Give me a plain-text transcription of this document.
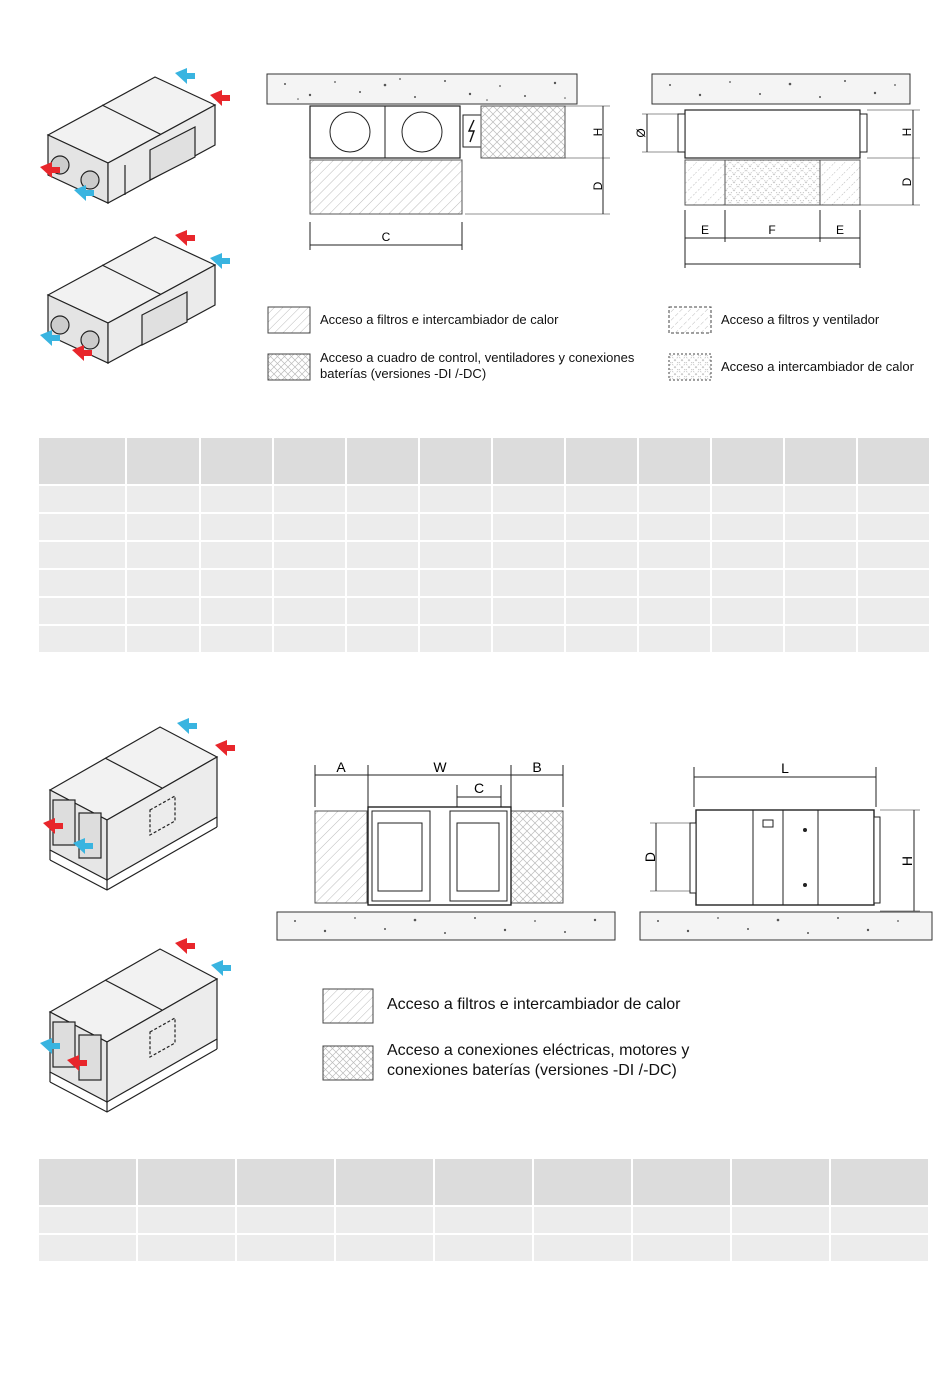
C
H
D
Ø	H
D
E	F	E
Acceso a filtros e intercambiador de calor	Acceso a filtros y ventilador
Acceso a cuadro de control, ventiladores y conexiones baterías (versiones -DI /-DC)	Acceso a intercambiador de calor

A	W	B
C
L
D	H
Acceso a filtros e intercambiador de calor
Acceso a conexiones eléctricas, motores y conexiones baterías (versiones -DI /-DC)
